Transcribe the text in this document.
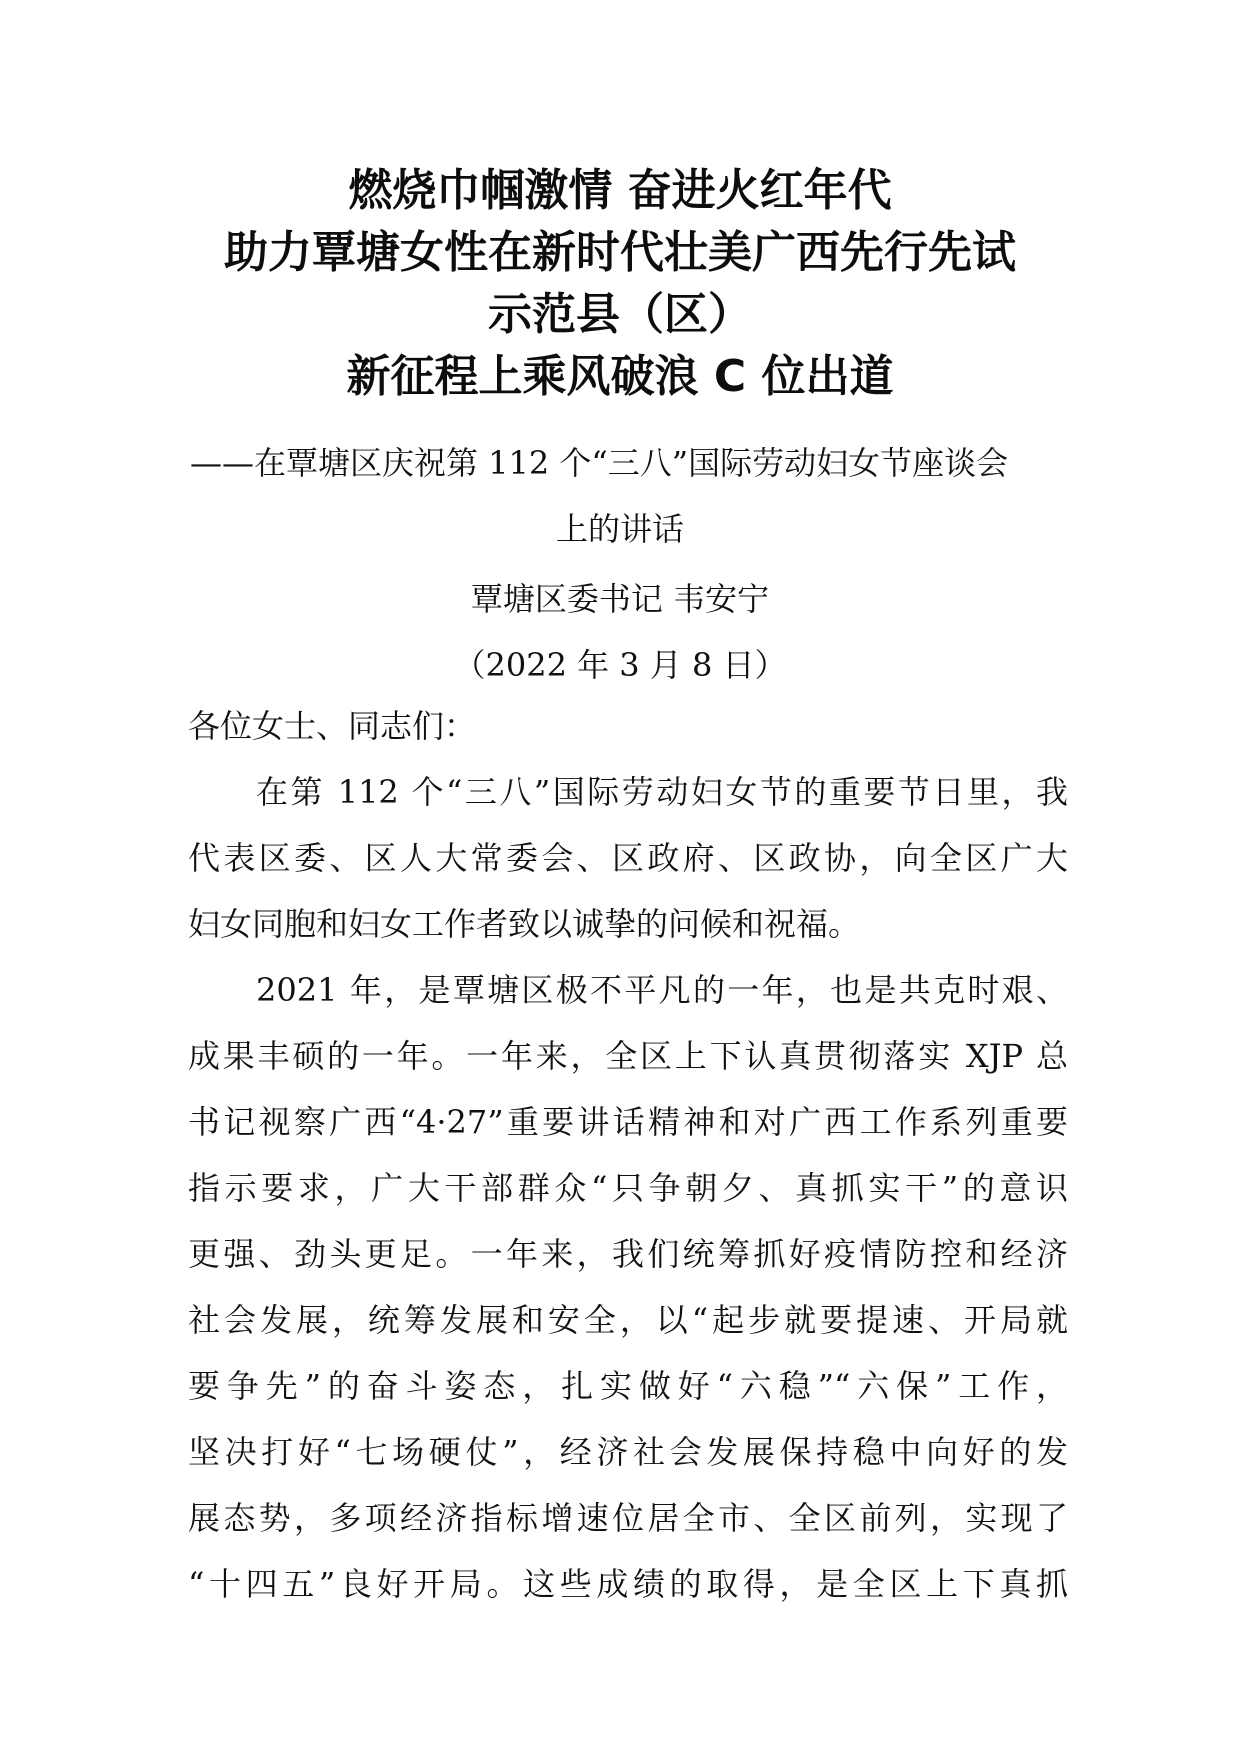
燃烧巾帼激情 奋进火红年代
助力覃塘女性在新时代壮美广西先行先试
示范县（区）
新征程上乘风破浪 C 位出道
——在覃塘区庆祝第 112 个“三八”国际劳动妇女节座谈会
上的讲话
覃塘区委书记 韦安宁
（2022 年 3 月 8 日）
各位女士、同志们：
在第 112 个“三八”国际劳动妇女节的重要节日里，我
代表区委、区人大常委会、区政府、区政协，向全区广大
妇女同胞和妇女工作者致以诚挚的问候和祝福。
2021 年，是覃塘区极不平凡的一年，也是共克时艰、
成果丰硕的一年。一年来，全区上下认真贯彻落实 XJP 总
书记视察广西“4·27”重要讲话精神和对广西工作系列重要
指示要求，广大干部群众“只争朝夕、真抓实干”的意识
更强、劲头更足。一年来，我们统筹抓好疫情防控和经济
社会发展，统筹发展和安全，以“起步就要提速、开局就
要争先”的奋斗姿态，扎实做好“六稳”“六保”工作，
坚决打好“七场硬仗”，经济社会发展保持稳中向好的发
展态势，多项经济指标增速位居全市、全区前列，实现了
“十四五”良好开局。这些成绩的取得，是全区上下真抓
